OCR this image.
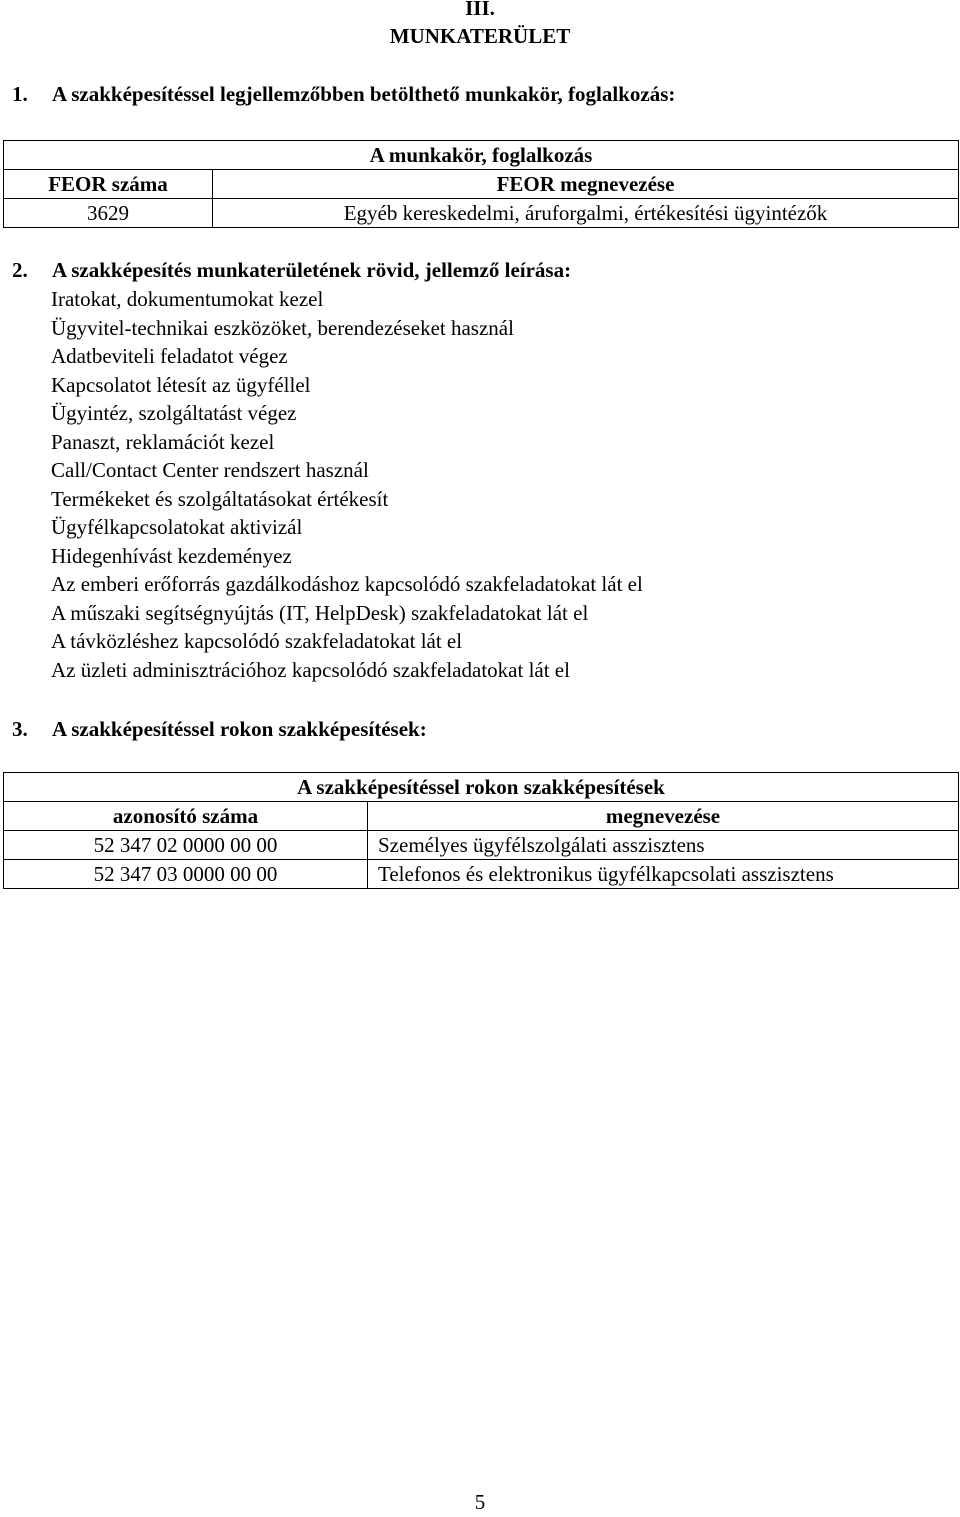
III.
MUNKATERÜLET
1. A szakképesítéssel legjellemzőbben betölthető munkakör, foglalkozás:
A munkakör, foglalkozás	
FEOR száma	FEOR megnevezése
3629	Egyéb kereskedelmi, áruforgalmi, értékesítési ügyintézők
2. A szakképesítés munkaterületének rövid, jellemző leírása:
Iratokat, dokumentumokat kezel
Ügyvitel-technikai eszközöket, berendezéseket használ
Adatbeviteli feladatot végez
Kapcsolatot létesít az ügyféllel
Ügyintéz, szolgáltatást végez
Panaszt, reklamációt kezel
Call/Contact Center rendszert használ
Termékeket és szolgáltatásokat értékesít
Ügyfélkapcsolatokat aktivizál
Hidegenhívást kezdeményez
Az emberi erőforrás gazdálkodáshoz kapcsolódó szakfeladatokat lát el
A műszaki segítségnyújtás (IT, HelpDesk) szakfeladatokat lát el
A távközléshez kapcsolódó szakfeladatokat lát el
Az üzleti adminisztrációhoz kapcsolódó szakfeladatokat lát el
3. A szakképesítéssel rokon szakképesítések:
A szakképesítéssel rokon szakképesítések	
azonosító száma	megnevezése
52 347 02 0000 00 00	Személyes ügyfélszolgálati asszisztens
52 347 03 0000 00 00	Telefonos és elektronikus ügyfélkapcsolati asszisztens
5
